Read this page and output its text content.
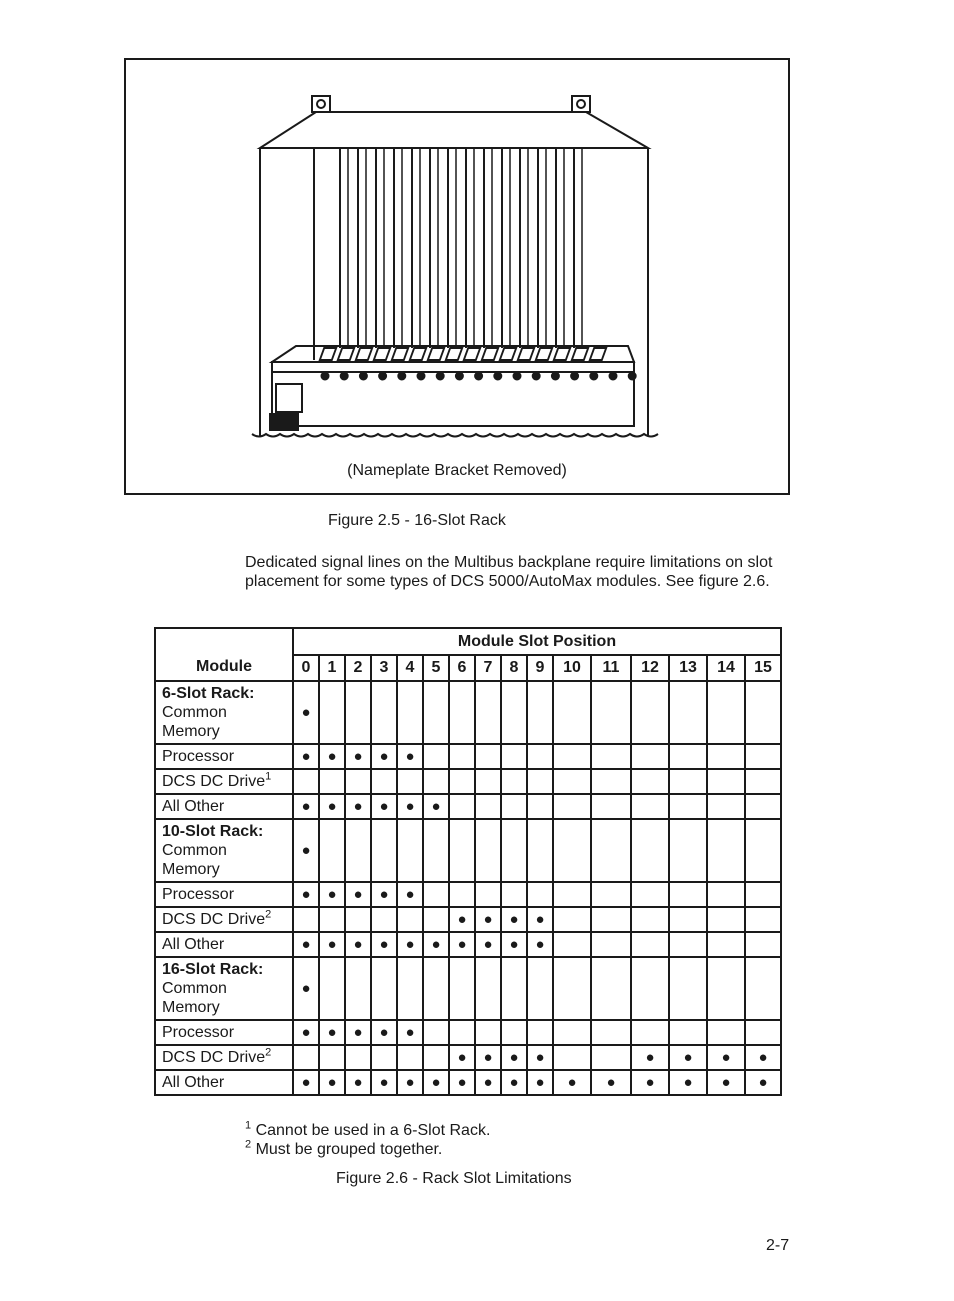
(Nameplate Bracket Removed)
Figure 2.5 - 16-Slot Rack
Dedicated signal lines on the Multibus backplane require limitations on slot placement for some types of DCS 5000/AutoMax modules. See figure 2.6.
Module	Module Slot Position															
	0	1	2	3	4	5	6	7	8	9	10	11	12	13	14	15

6-Slot Rack:
Common
Memory	●															
Processor	●	●	●	●	●											
DCS DC Drive$^1$																
All Other	●	●	●	●	●	●										

10-Slot Rack:
Common
Memory	●															
Processor	●	●	●	●	●											
DCS DC Drive$^2$							●	●	●	●						
All Other	●	●	●	●	●	●	●	●	●	●						

16-Slot Rack:
Common
Memory	●															
Processor	●	●	●	●	●											
DCS DC Drive$^2$							●	●	●	●			●	●	●	●
All Other	●	●	●	●	●	●	●	●	●	●	●	●	●	●	●	●
$^1$ Cannot be used in a 6-Slot Rack.
$^2$ Must be grouped together.
Figure 2.6 - Rack Slot Limitations
2-7
